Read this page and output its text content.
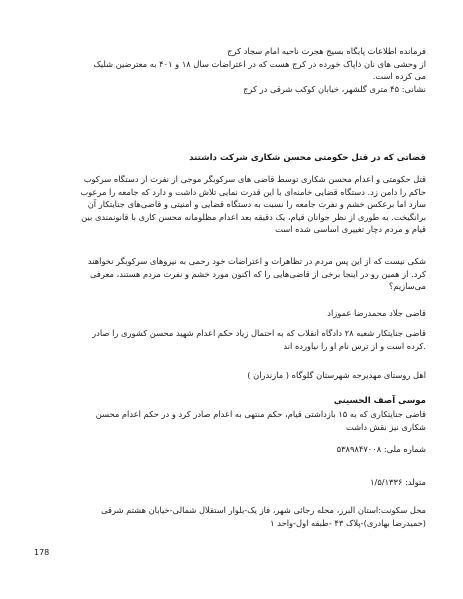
فرمانده اطلاعات پایگاه بسیج هجرت ناحیه امام سجاد کرج
از وحشی های نان ذاپاک خورده در کرج هست که در اعتراضات سال ۱۸ و ۴۰۱ به معترضین شلیک
می کرده است.
نشانی: ۴۵ متری گلشهر، خیابان کوکب شرقی در کرج
قضاتی که در قتل حکومتی محسن شکاری شرکت داشتند
قتل حکومتی و اعدام محسن شکاری توسط قاضی های سرکوبگر موجی از نفرت از دستگاه سرکوب
حاکم را دامن زد. دستگاه قضایی خامنه‌ای با این قدرت نمایی تلاش داشت و دارد که جامعه را مرعوب
سازد اما برعکس خشم و نفرت جامعه را نسبت به دستگاه قضایی و امنیتی و قاضی‌های جنایتکار آن
برانگیخت. به طوری از نظر جوانان قیام، یک دقیقه بعد اعدام مظلومانه محسن کاری با قانونمندی بین
قیام و مردم دچار تغییری اساسی شده است
شکی نیست که از این پس مردم در تظاهرات و اعتراضات خود رحمی به نیروهای سرکوبگر نخواهند
کرد. از همین رو در اینجا برخی از قاضی‌هایی را که اکنون مورد خشم و نفرت مردم هستند، معرفی
می‌سازیم؟
قاضی جلاد محمدرضا عموزاد
قاضی جنایتکار شعبه ۲۸ دادگاه انقلاب که به احتمال زیاد حکم اعدام شهید محسن کشوری را صادر
.کرده است و از ترس نام او را نیاورده اند
اهل روستای مهدیرجه شهرستان گلوگاه ( مازندران )
موسی آصف الحسینی
قاضی جنایتکاری که به ۱۵ بازداشتی قیام، حکم منتهی به اعدام صادر کرد و در حکم اعدام محسن
شکاری نیز نقش داشت
شماره ملی: ۵۳۸۹۸۴۷۰۰۸
متولد: ۱/۵/۱۳۳۶
محل سکونت:استان البرز، محله رجائی شهر، فاز یک-بلوار استقلال شمالی-خیابان هشتم شرقی
(حمیدرضا بهادری)-پلاک ۴۳ -طبقه اول-واحد ۱
178
